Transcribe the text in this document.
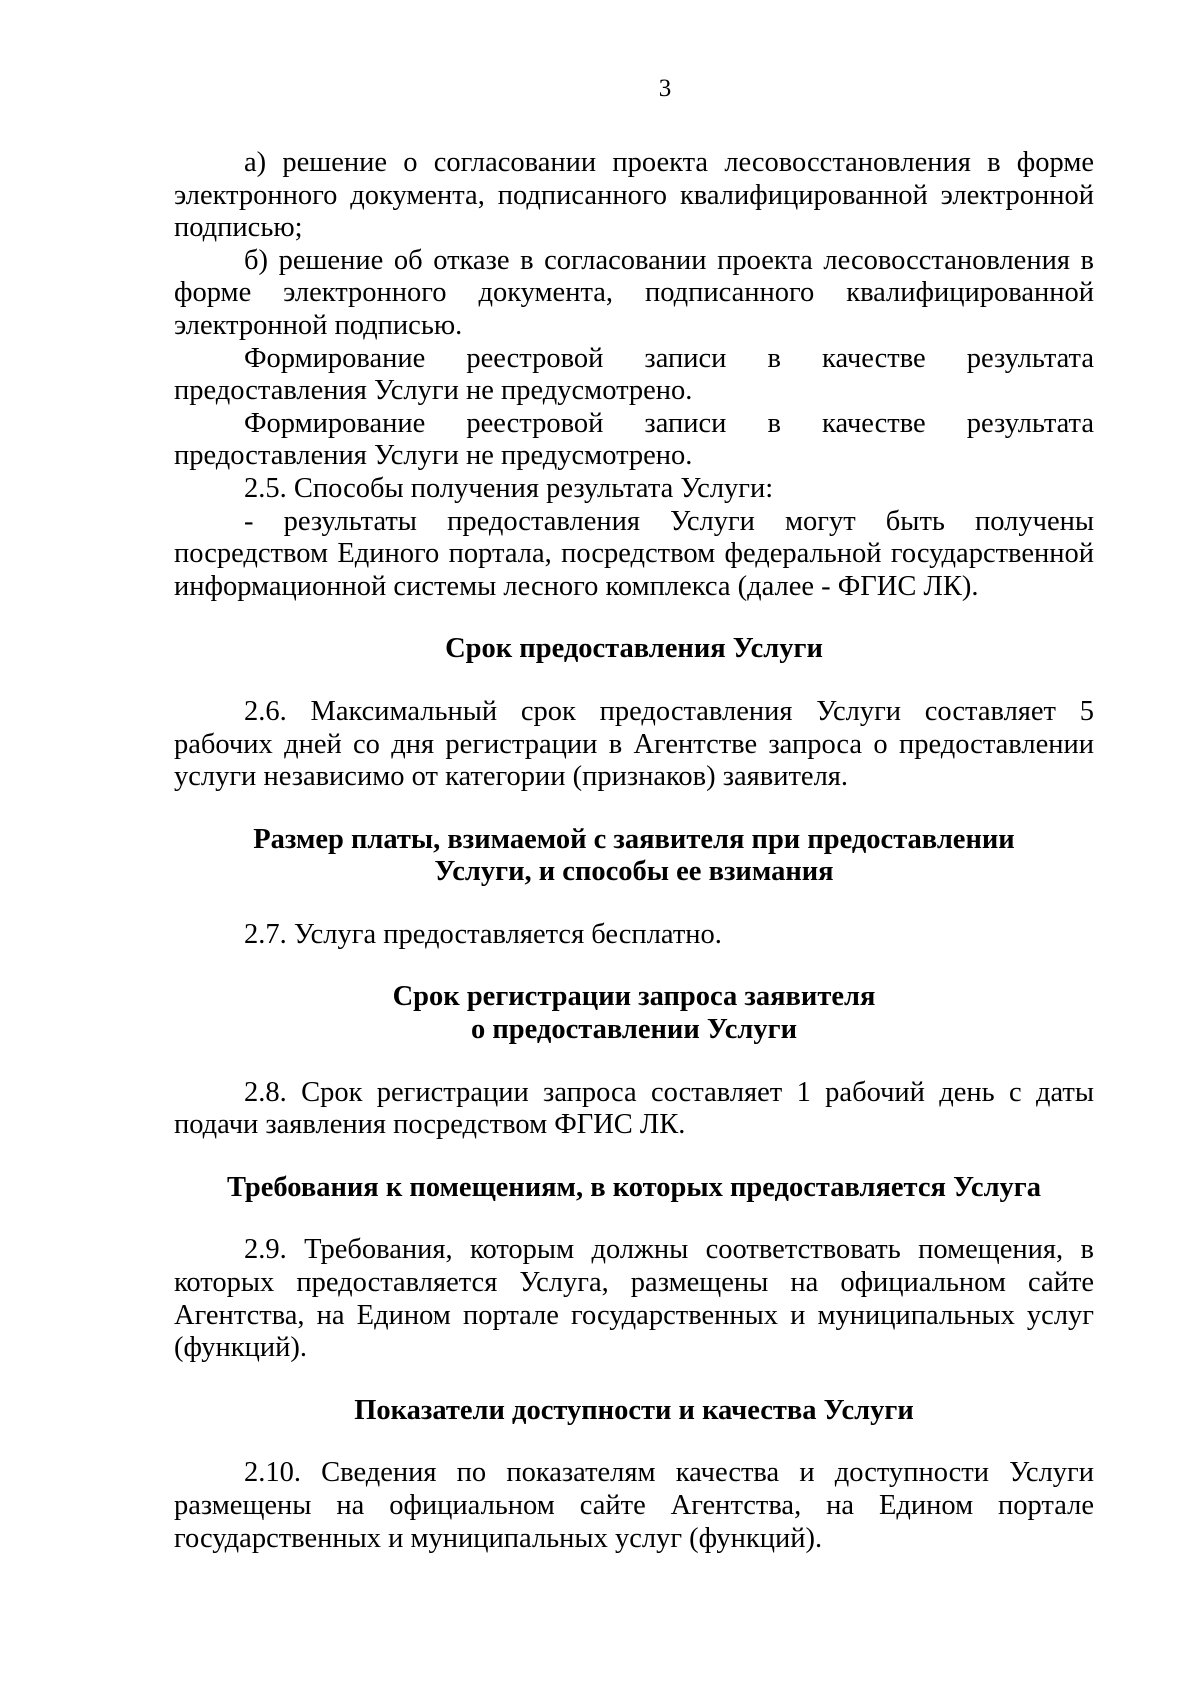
3

а) решение о согласовании проекта лесовосстановления в форме электронного документа, подписанного квалифицированной электронной подписью;

б) решение об отказе в согласовании проекта лесовосстановления в форме электронного документа, подписанного квалифицированной электронной подписью.

Формирование реестровой записи в качестве результата предоставления Услуги не предусмотрено.

Формирование реестровой записи в качестве результата предоставления Услуги не предусмотрено.

2.5. Способы получения результата Услуги:

- результаты предоставления Услуги могут быть получены посредством Единого портала, посредством федеральной государственной информационной системы лесного комплекса (далее - ФГИС ЛК).

Срок предоставления Услуги

2.6. Максимальный срок предоставления Услуги составляет 5 рабочих дней со дня регистрации в Агентстве запроса о предоставлении услуги независимо от категории (признаков) заявителя.

Размер платы, взимаемой с заявителя при предоставлении
Услуги, и способы ее взимания

2.7. Услуга предоставляется бесплатно.

Срок регистрации запроса заявителя
о предоставлении Услуги

2.8. Срок регистрации запроса составляет 1 рабочий день с даты подачи заявления посредством ФГИС ЛК.

Требования к помещениям, в которых предоставляется Услуга

2.9. Требования, которым должны соответствовать помещения, в которых предоставляется Услуга, размещены на официальном сайте Агентства, на Едином портале государственных и муниципальных услуг (функций).

Показатели доступности и качества Услуги

2.10. Сведения по показателям качества и доступности Услуги размещены на официальном сайте Агентства, на Едином портале государственных и муниципальных услуг (функций).
